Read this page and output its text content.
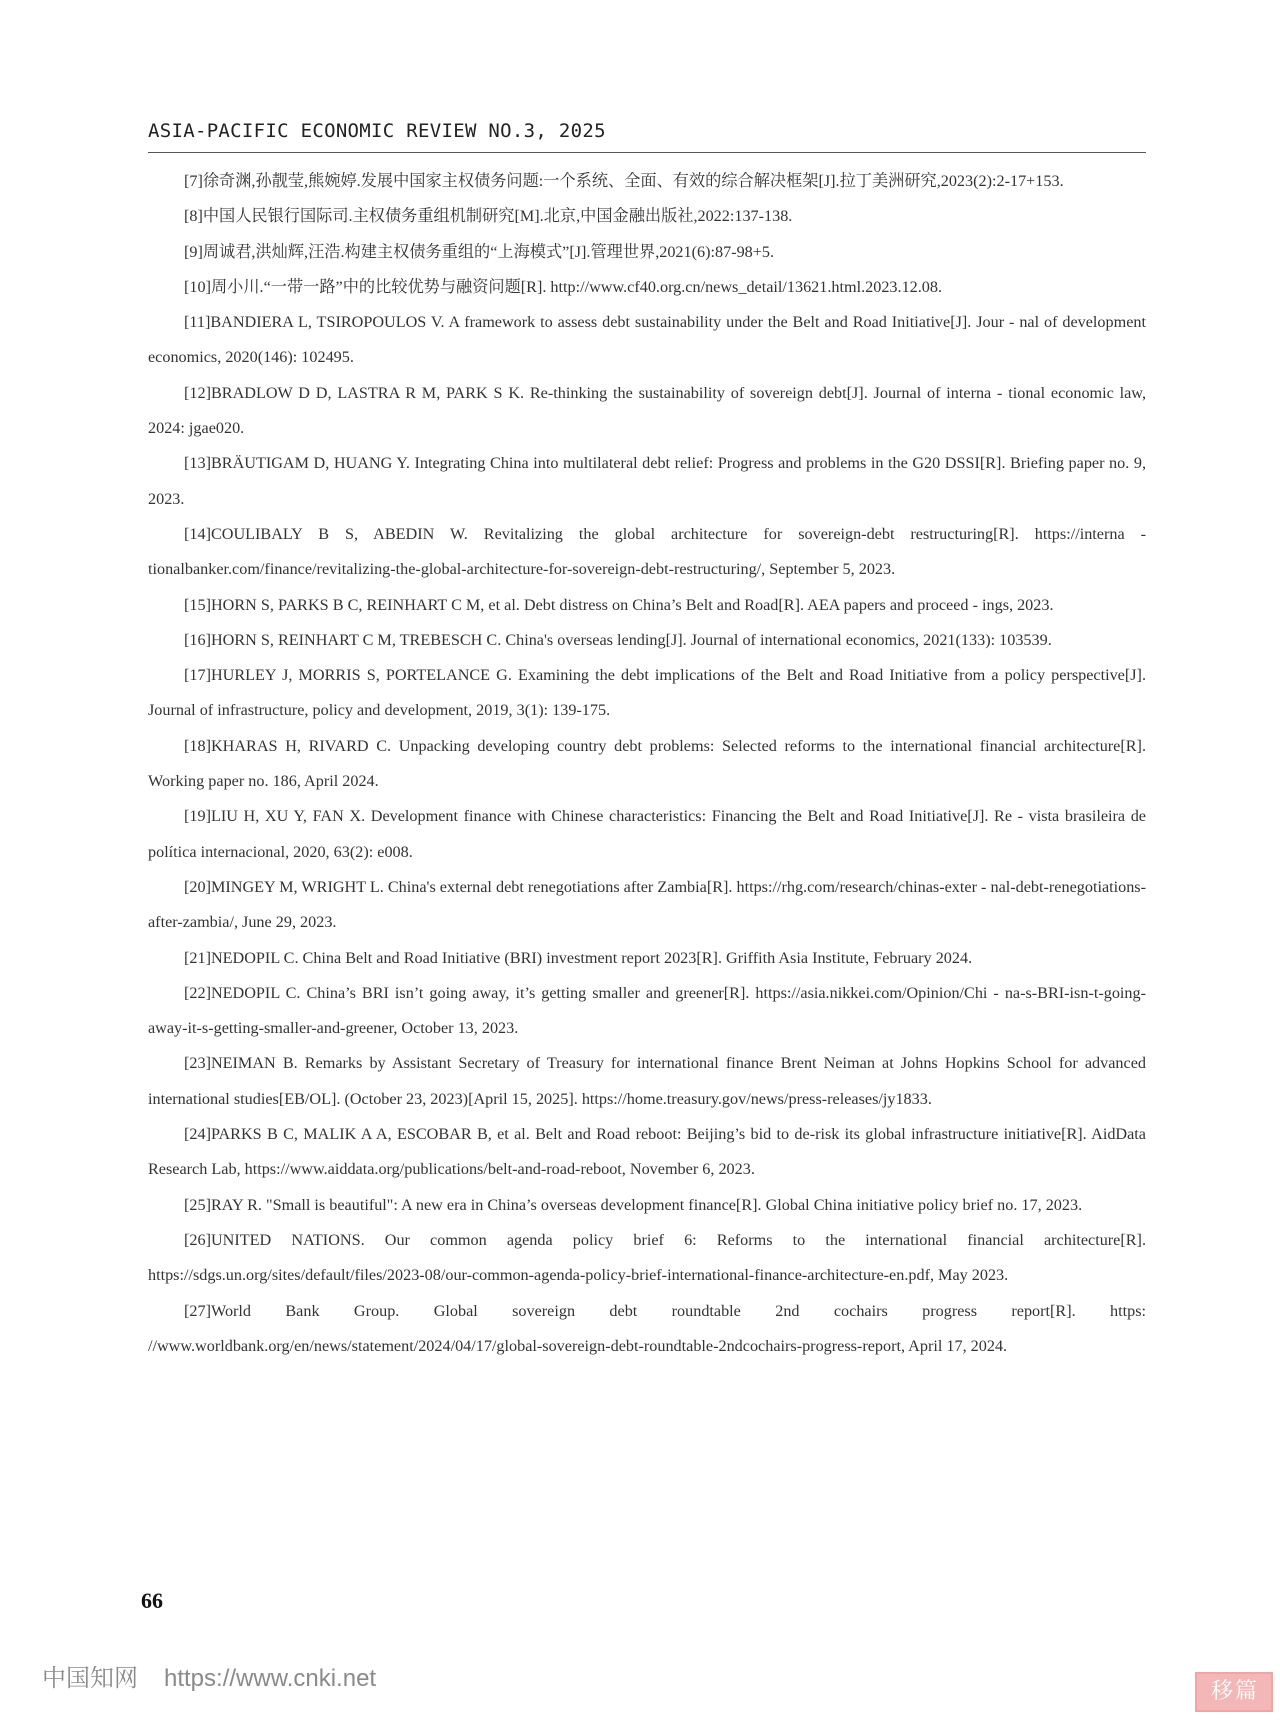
ASIA-PACIFIC ECONOMIC REVIEW NO.3, 2025

[7]徐奇渊,孙靓莹,熊婉婷.发展中国家主权债务问题:一个系统、全面、有效的综合解决框架[J].拉丁美洲研究,2023(2):2-17+153.

[8]中国人民银行国际司.主权债务重组机制研究[M].北京,中国金融出版社,2022:137-138.

[9]周诚君,洪灿辉,汪浩.构建主权债务重组的“上海模式”[J].管理世界,2021(6):87-98+5.

[10]周小川.“一带一路”中的比较优势与融资问题[R]. http://www.cf40.org.cn/news_detail/13621.html.2023.12.08.

[11]BANDIERA L, TSIROPOULOS V. A framework to assess debt sustainability under the Belt and Road Initiative[J]. Jour - nal of development economics, 2020(146): 102495.

[12]BRADLOW D D, LASTRA R M, PARK S K. Re-thinking the sustainability of sovereign debt[J]. Journal of interna - tional economic law, 2024: jgae020.

[13]BRÄUTIGAM D, HUANG Y. Integrating China into multilateral debt relief: Progress and problems in the G20 DSSI[R]. Briefing paper no. 9, 2023.

[14]COULIBALY B S, ABEDIN W. Revitalizing the global architecture for sovereign-debt restructuring[R]. https://interna - tionalbanker.com/finance/revitalizing-the-global-architecture-for-sovereign-debt-restructuring/, September 5, 2023.

[15]HORN S, PARKS B C, REINHART C M, et al. Debt distress on China’s Belt and Road[R]. AEA papers and proceed - ings, 2023.

[16]HORN S, REINHART C M, TREBESCH C. China's overseas lending[J]. Journal of international economics, 2021(133): 103539.

[17]HURLEY J, MORRIS S, PORTELANCE G. Examining the debt implications of the Belt and Road Initiative from a policy perspective[J]. Journal of infrastructure, policy and development, 2019, 3(1): 139-175.

[18]KHARAS H, RIVARD C. Unpacking developing country debt problems: Selected reforms to the international financial architecture[R]. Working paper no. 186, April 2024.

[19]LIU H, XU Y, FAN X. Development finance with Chinese characteristics: Financing the Belt and Road Initiative[J]. Re - vista brasileira de política internacional, 2020, 63(2): e008.

[20]MINGEY M, WRIGHT L. China's external debt renegotiations after Zambia[R]. https://rhg.com/research/chinas-exter - nal-debt-renegotiations-after-zambia/, June 29, 2023.

[21]NEDOPIL C. China Belt and Road Initiative (BRI) investment report 2023[R]. Griffith Asia Institute, February 2024.

[22]NEDOPIL C. China’s BRI isn’t going away, it’s getting smaller and greener[R]. https://asia.nikkei.com/Opinion/Chi - na-s-BRI-isn-t-going-away-it-s-getting-smaller-and-greener, October 13, 2023.

[23]NEIMAN B. Remarks by Assistant Secretary of Treasury for international finance Brent Neiman at Johns Hopkins School for advanced international studies[EB/OL]. (October 23, 2023)[April 15, 2025]. https://home.treasury.gov/news/press-releases/jy1833.

[24]PARKS B C, MALIK A A, ESCOBAR B, et al. Belt and Road reboot: Beijing’s bid to de-risk its global infrastructure initiative[R]. AidData Research Lab, https://www.aiddata.org/publications/belt-and-road-reboot, November 6, 2023.

[25]RAY R. "Small is beautiful": A new era in China’s overseas development finance[R]. Global China initiative policy brief no. 17, 2023.

[26]UNITED NATIONS. Our common agenda policy brief 6: Reforms to the international financial architecture[R]. https://sdgs.un.org/sites/default/files/2023-08/our-common-agenda-policy-brief-international-finance-architecture-en.pdf, May 2023.

[27]World Bank Group. Global sovereign debt roundtable 2nd cochairs progress report[R]. https: //www.worldbank.org/en/news/statement/2024/04/17/global-sovereign-debt-roundtable-2ndcochairs-progress-report, April 17, 2024.

66
中国知网 https://www.cnki.net	移 篇
